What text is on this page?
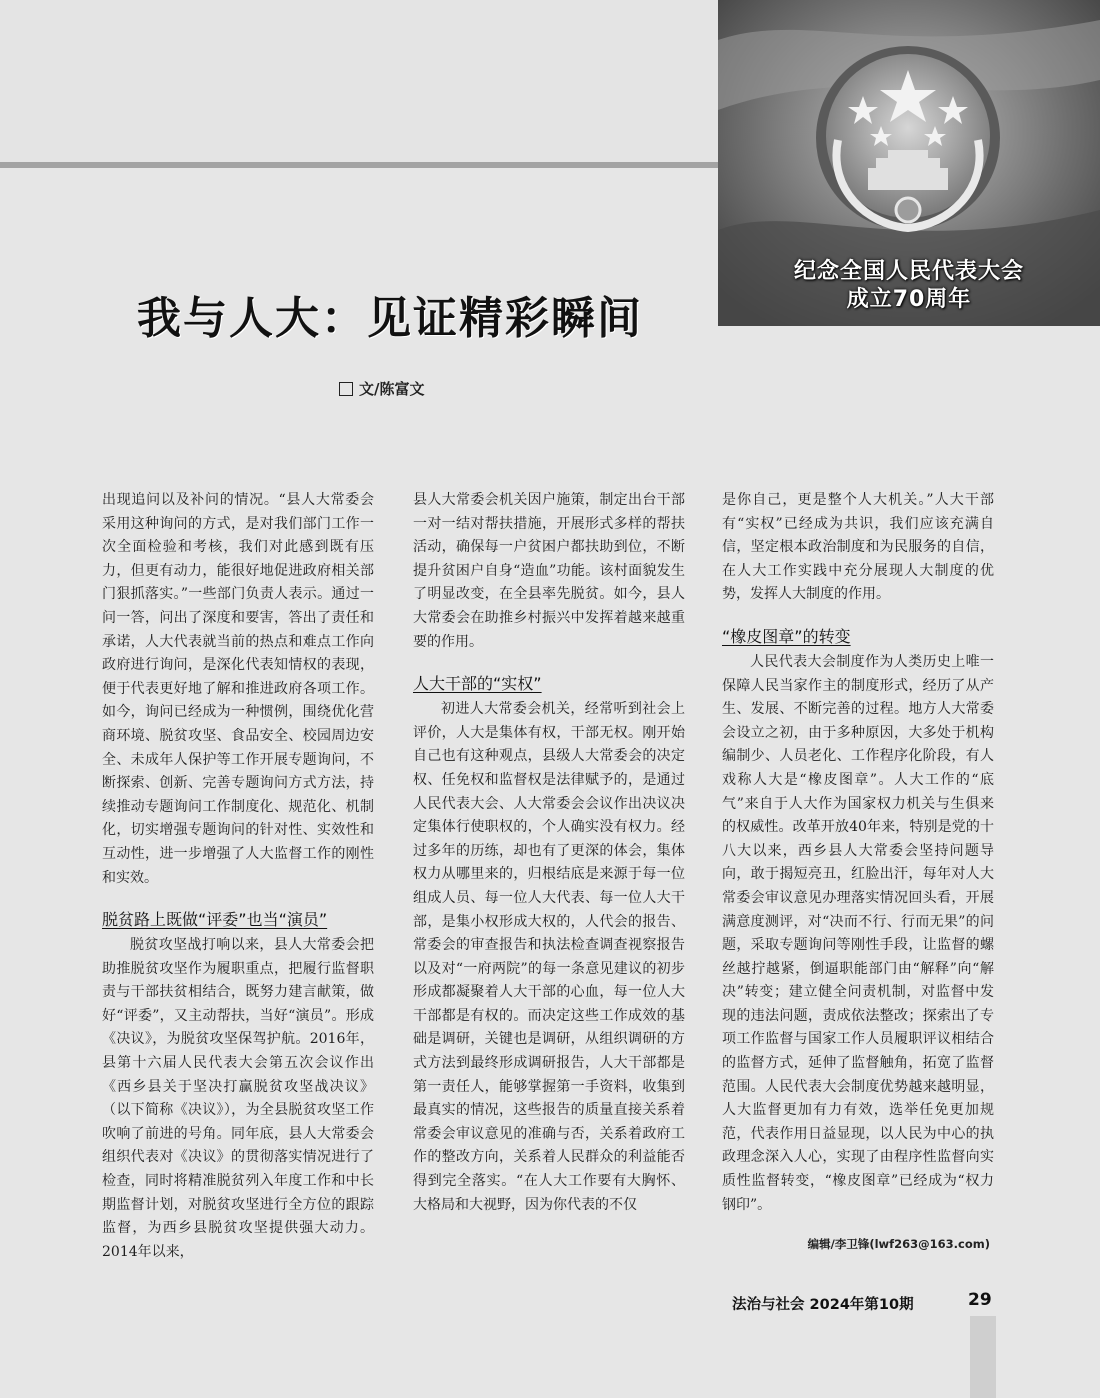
纪念全国人民代表大会
成立70周年
我与人大：见证精彩瞬间
文/陈富文

出现追问以及补问的情况。“县人大常委会采用这种询问的方式，是对我们部门工作一次全面检验和考核，我们对此感到既有压力，但更有动力，能很好地促进政府相关部门狠抓落实。”一些部门负责人表示。通过一问一答，问出了深度和要害，答出了责任和承诺，人大代表就当前的热点和难点工作向政府进行询问，是深化代表知情权的表现，便于代表更好地了解和推进政府各项工作。如今，询问已经成为一种惯例，围绕优化营商环境、脱贫攻坚、食品安全、校园周边安全、未成年人保护等工作开展专题询问，不断探索、创新、完善专题询问方式方法，持续推动专题询问工作制度化、规范化、机制化，切实增强专题询问的针对性、实效性和互动性，进一步增强了人大监督工作的刚性和实效。

脱贫路上既做“评委”也当“演员”

脱贫攻坚战打响以来，县人大常委会把助推脱贫攻坚作为履职重点，把履行监督职责与干部扶贫相结合，既努力建言献策，做好“评委”，又主动帮扶，当好“演员”。形成《决议》，为脱贫攻坚保驾护航。2016年，县第十六届人民代表大会第五次会议作出《西乡县关于坚决打赢脱贫攻坚战决议》（以下简称《决议》），为全县脱贫攻坚工作吹响了前进的号角。同年底，县人大常委会组织代表对《决议》的贯彻落实情况进行了检查，同时将精准脱贫列入年度工作和中长期监督计划，对脱贫攻坚进行全方位的跟踪监督，为西乡县脱贫攻坚提供强大动力。2014年以来，

县人大常委会机关因户施策，制定出台干部一对一结对帮扶措施，开展形式多样的帮扶活动，确保每一户贫困户都扶助到位，不断提升贫困户自身“造血”功能。该村面貌发生了明显改变，在全县率先脱贫。如今，县人大常委会在助推乡村振兴中发挥着越来越重要的作用。

人大干部的“实权”

初进人大常委会机关，经常听到社会上评价，人大是集体有权，干部无权。刚开始自己也有这种观点，县级人大常委会的决定权、任免权和监督权是法律赋予的，是通过人民代表大会、人大常委会会议作出决议决定集体行使职权的，个人确实没有权力。经过多年的历练，却也有了更深的体会，集体权力从哪里来的，归根结底是来源于每一位组成人员、每一位人大代表、每一位人大干部，是集小权形成大权的，人代会的报告、常委会的审查报告和执法检查调查视察报告以及对“一府两院”的每一条意见建议的初步形成都凝聚着人大干部的心血，每一位人大干部都是有权的。而决定这些工作成效的基础是调研，关键也是调研，从组织调研的方式方法到最终形成调研报告，人大干部都是第一责任人，能够掌握第一手资料，收集到最真实的情况，这些报告的质量直接关系着常委会审议意见的准确与否，关系着政府工作的整改方向，关系着人民群众的利益能否得到完全落实。“在人大工作要有大胸怀、大格局和大视野，因为你代表的不仅

是你自己，更是整个人大机关。”人大干部有“实权”已经成为共识，我们应该充满自信，坚定根本政治制度和为民服务的自信，在人大工作实践中充分展现人大制度的优势，发挥人大制度的作用。

“橡皮图章”的转变

人民代表大会制度作为人类历史上唯一保障人民当家作主的制度形式，经历了从产生、发展、不断完善的过程。地方人大常委会设立之初，由于多种原因，大多处于机构编制少、人员老化、工作程序化阶段，有人戏称人大是“橡皮图章”。人大工作的“底气”来自于人大作为国家权力机关与生俱来的权威性。改革开放40年来，特别是党的十八大以来，西乡县人大常委会坚持问题导向，敢于揭短亮丑，红脸出汗，每年对人大常委会审议意见办理落实情况回头看，开展满意度测评，对“决而不行、行而无果”的问题，采取专题询问等刚性手段，让监督的螺丝越拧越紧，倒逼职能部门由“解释”向“解决”转变；建立健全问责机制，对监督中发现的违法问题，责成依法整改；探索出了专项工作监督与国家工作人员履职评议相结合的监督方式，延伸了监督触角，拓宽了监督范围。人民代表大会制度优势越来越明显，人大监督更加有力有效，选举任免更加规范，代表作用日益显现，以人民为中心的执政理念深入人心，实现了由程序性监督向实质性监督转变，“橡皮图章”已经成为“权力钢印”。

编辑/李卫锋(lwf263@163.com)
法治与社会 2024年第10期	29
